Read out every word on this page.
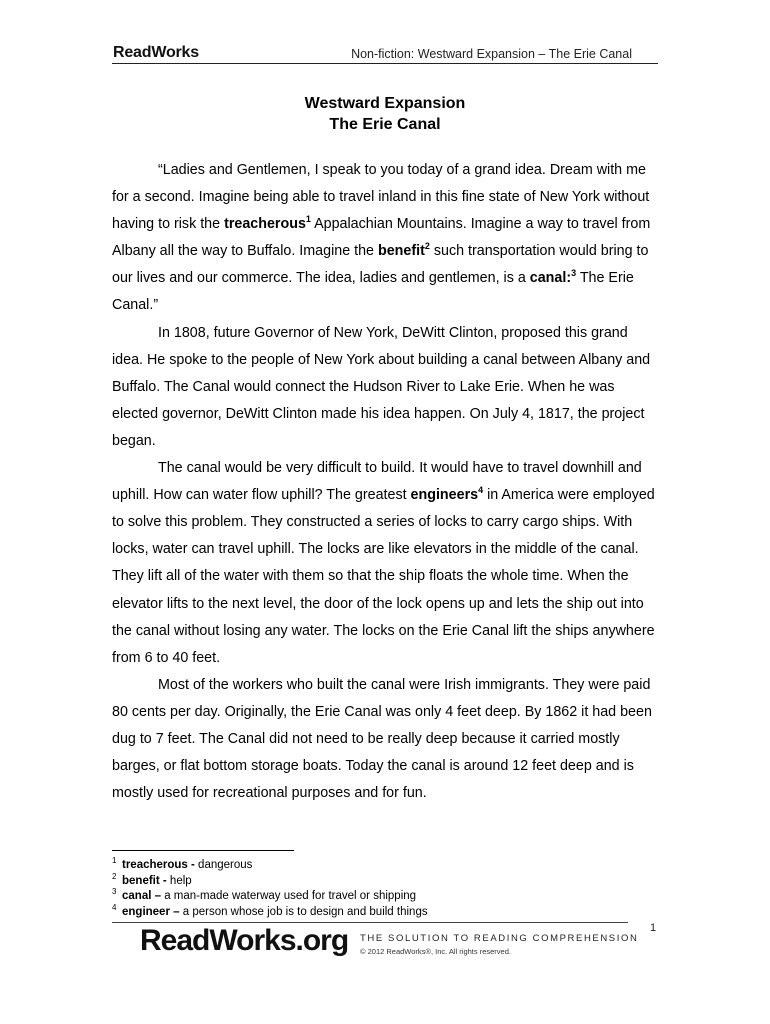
ReadWorks	Non-fiction: Westward Expansion – The Erie Canal
Westward Expansion
The Erie Canal

“Ladies and Gentlemen, I speak to you today of a grand idea. Dream with me for a second. Imagine being able to travel inland in this fine state of New York without having to risk the treacherous$^1$ Appalachian Mountains. Imagine a way to travel from Albany all the way to Buffalo. Imagine the benefit$^2$ such transportation would bring to our lives and our commerce. The idea, ladies and gentlemen, is a canal:$^3$ The Erie Canal.”

In 1808, future Governor of New York, DeWitt Clinton, proposed this grand idea. He spoke to the people of New York about building a canal between Albany and Buffalo. The Canal would connect the Hudson River to Lake Erie. When he was elected governor, DeWitt Clinton made his idea happen. On July 4, 1817, the project began.

The canal would be very difficult to build. It would have to travel downhill and uphill. How can water flow uphill? The greatest engineers$^4$ in America were employed to solve this problem. They constructed a series of locks to carry cargo ships. With locks, water can travel uphill. The locks are like elevators in the middle of the canal. They lift all of the water with them so that the ship floats the whole time. When the elevator lifts to the next level, the door of the lock opens up and lets the ship out into the canal without losing any water. The locks on the Erie Canal lift the ships anywhere from 6 to 40 feet.

Most of the workers who built the canal were Irish immigrants. They were paid 80 cents per day. Originally, the Erie Canal was only 4 feet deep. By 1862 it had been dug to 7 feet. The Canal did not need to be really deep because it carried mostly barges, or flat bottom storage boats. Today the canal is around 12 feet deep and is mostly used for recreational purposes and for fun.

1 treacherous - dangerous
2 benefit - help
3 canal – a man-made waterway used for travel or shipping
4 engineer – a person whose job is to design and build things
1
ReadWorks.org THE SOLUTION TO READING COMPREHENSION
© 2012 ReadWorks®, Inc. All rights reserved.
